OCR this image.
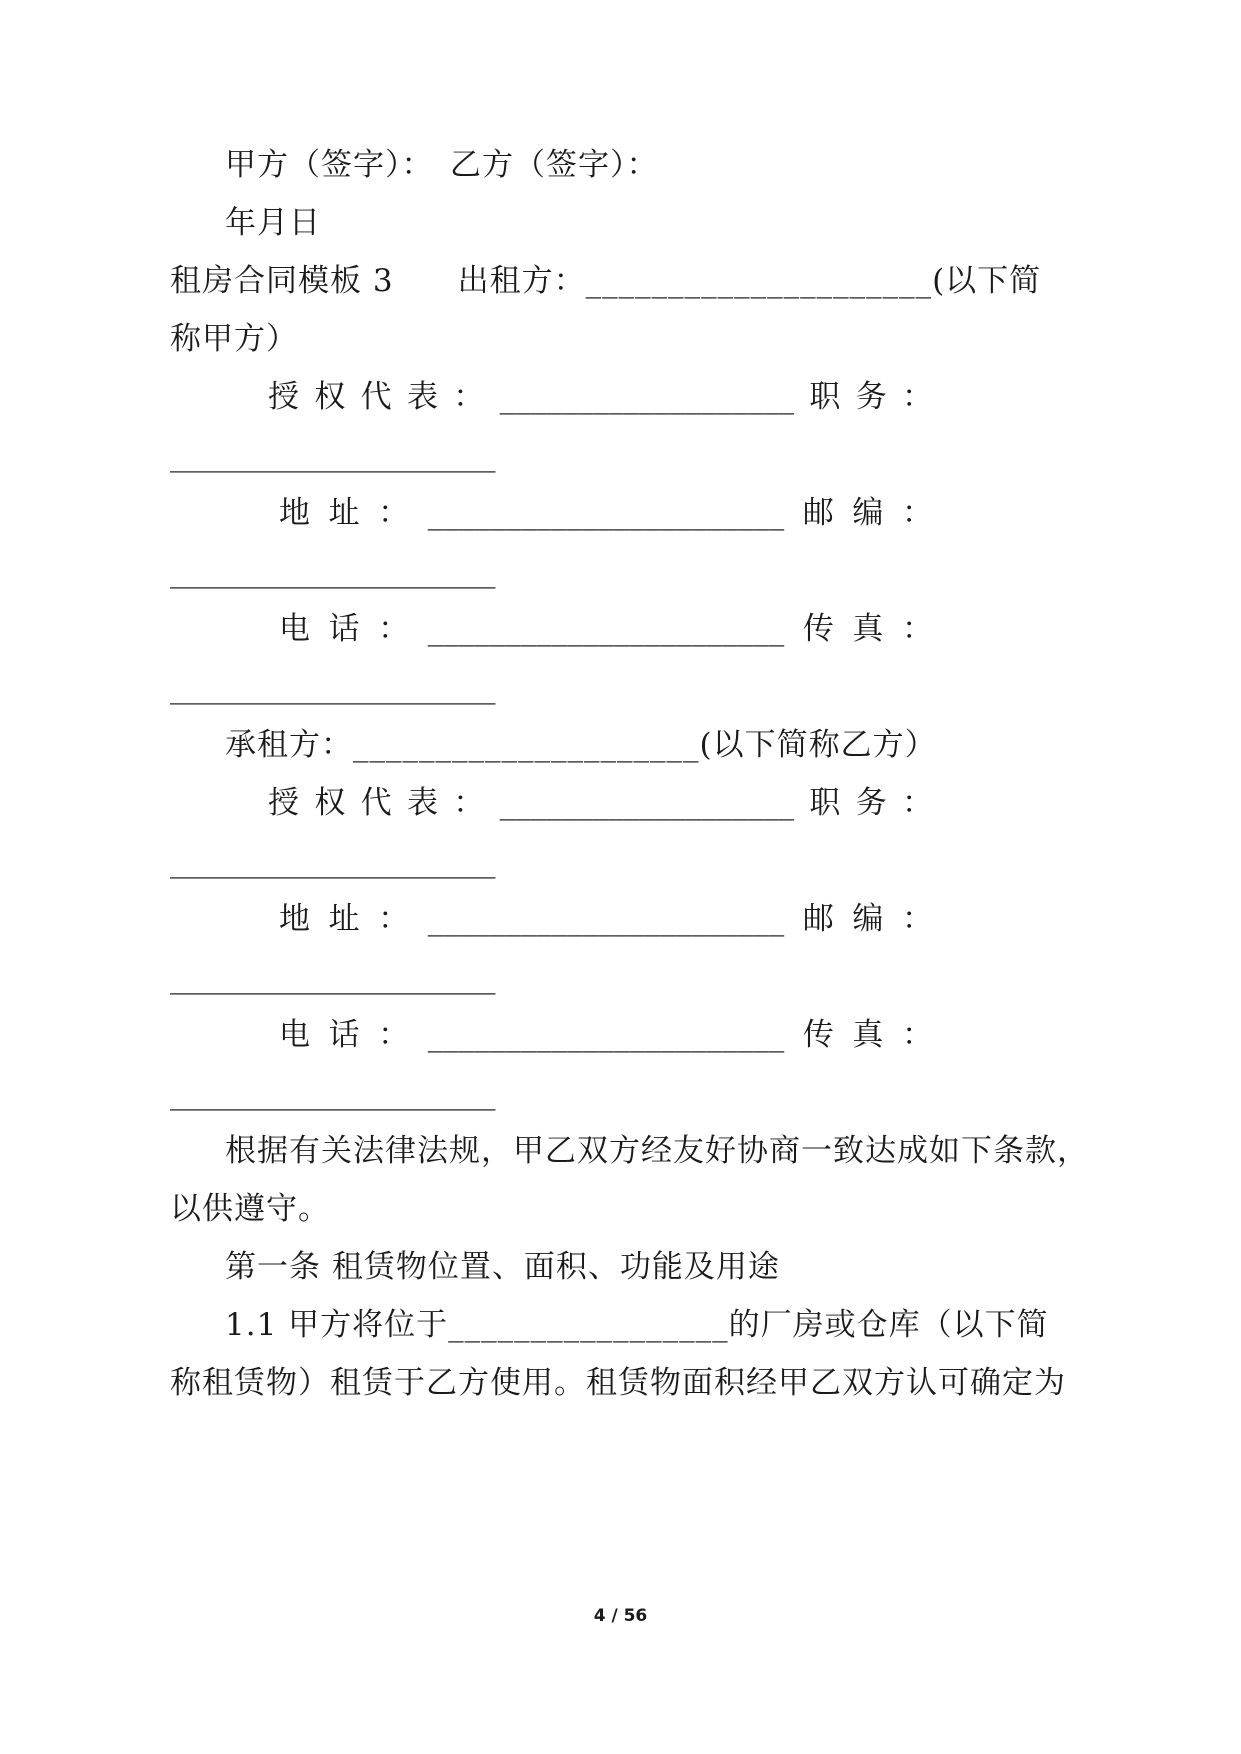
甲方（签字）：　乙方（签字）：
年月日
租房合同模板 3　　出租方：_____________________(以下简
称甲方）
授 权 代 表 ： ___________________ 职 务 ：
_____________________
地 址 ： _______________________ 邮 编 ：
_____________________
电 话 ： _______________________ 传 真 ：
_____________________
承租方：_____________________(以下简称乙方）
授 权 代 表 ： ___________________ 职 务 ：
_____________________
地 址 ： _______________________ 邮 编 ：
_____________________
电 话 ： _______________________ 传 真 ：
_____________________
根据有关法律法规，甲乙双方经友好协商一致达成如下条款，
以供遵守。
第一条 租赁物位置、面积、功能及用途
1.1 甲方将位于_________________的厂房或仓库（以下简
称租赁物）租赁于乙方使用。租赁物面积经甲乙双方认可确定为
4 / 56
